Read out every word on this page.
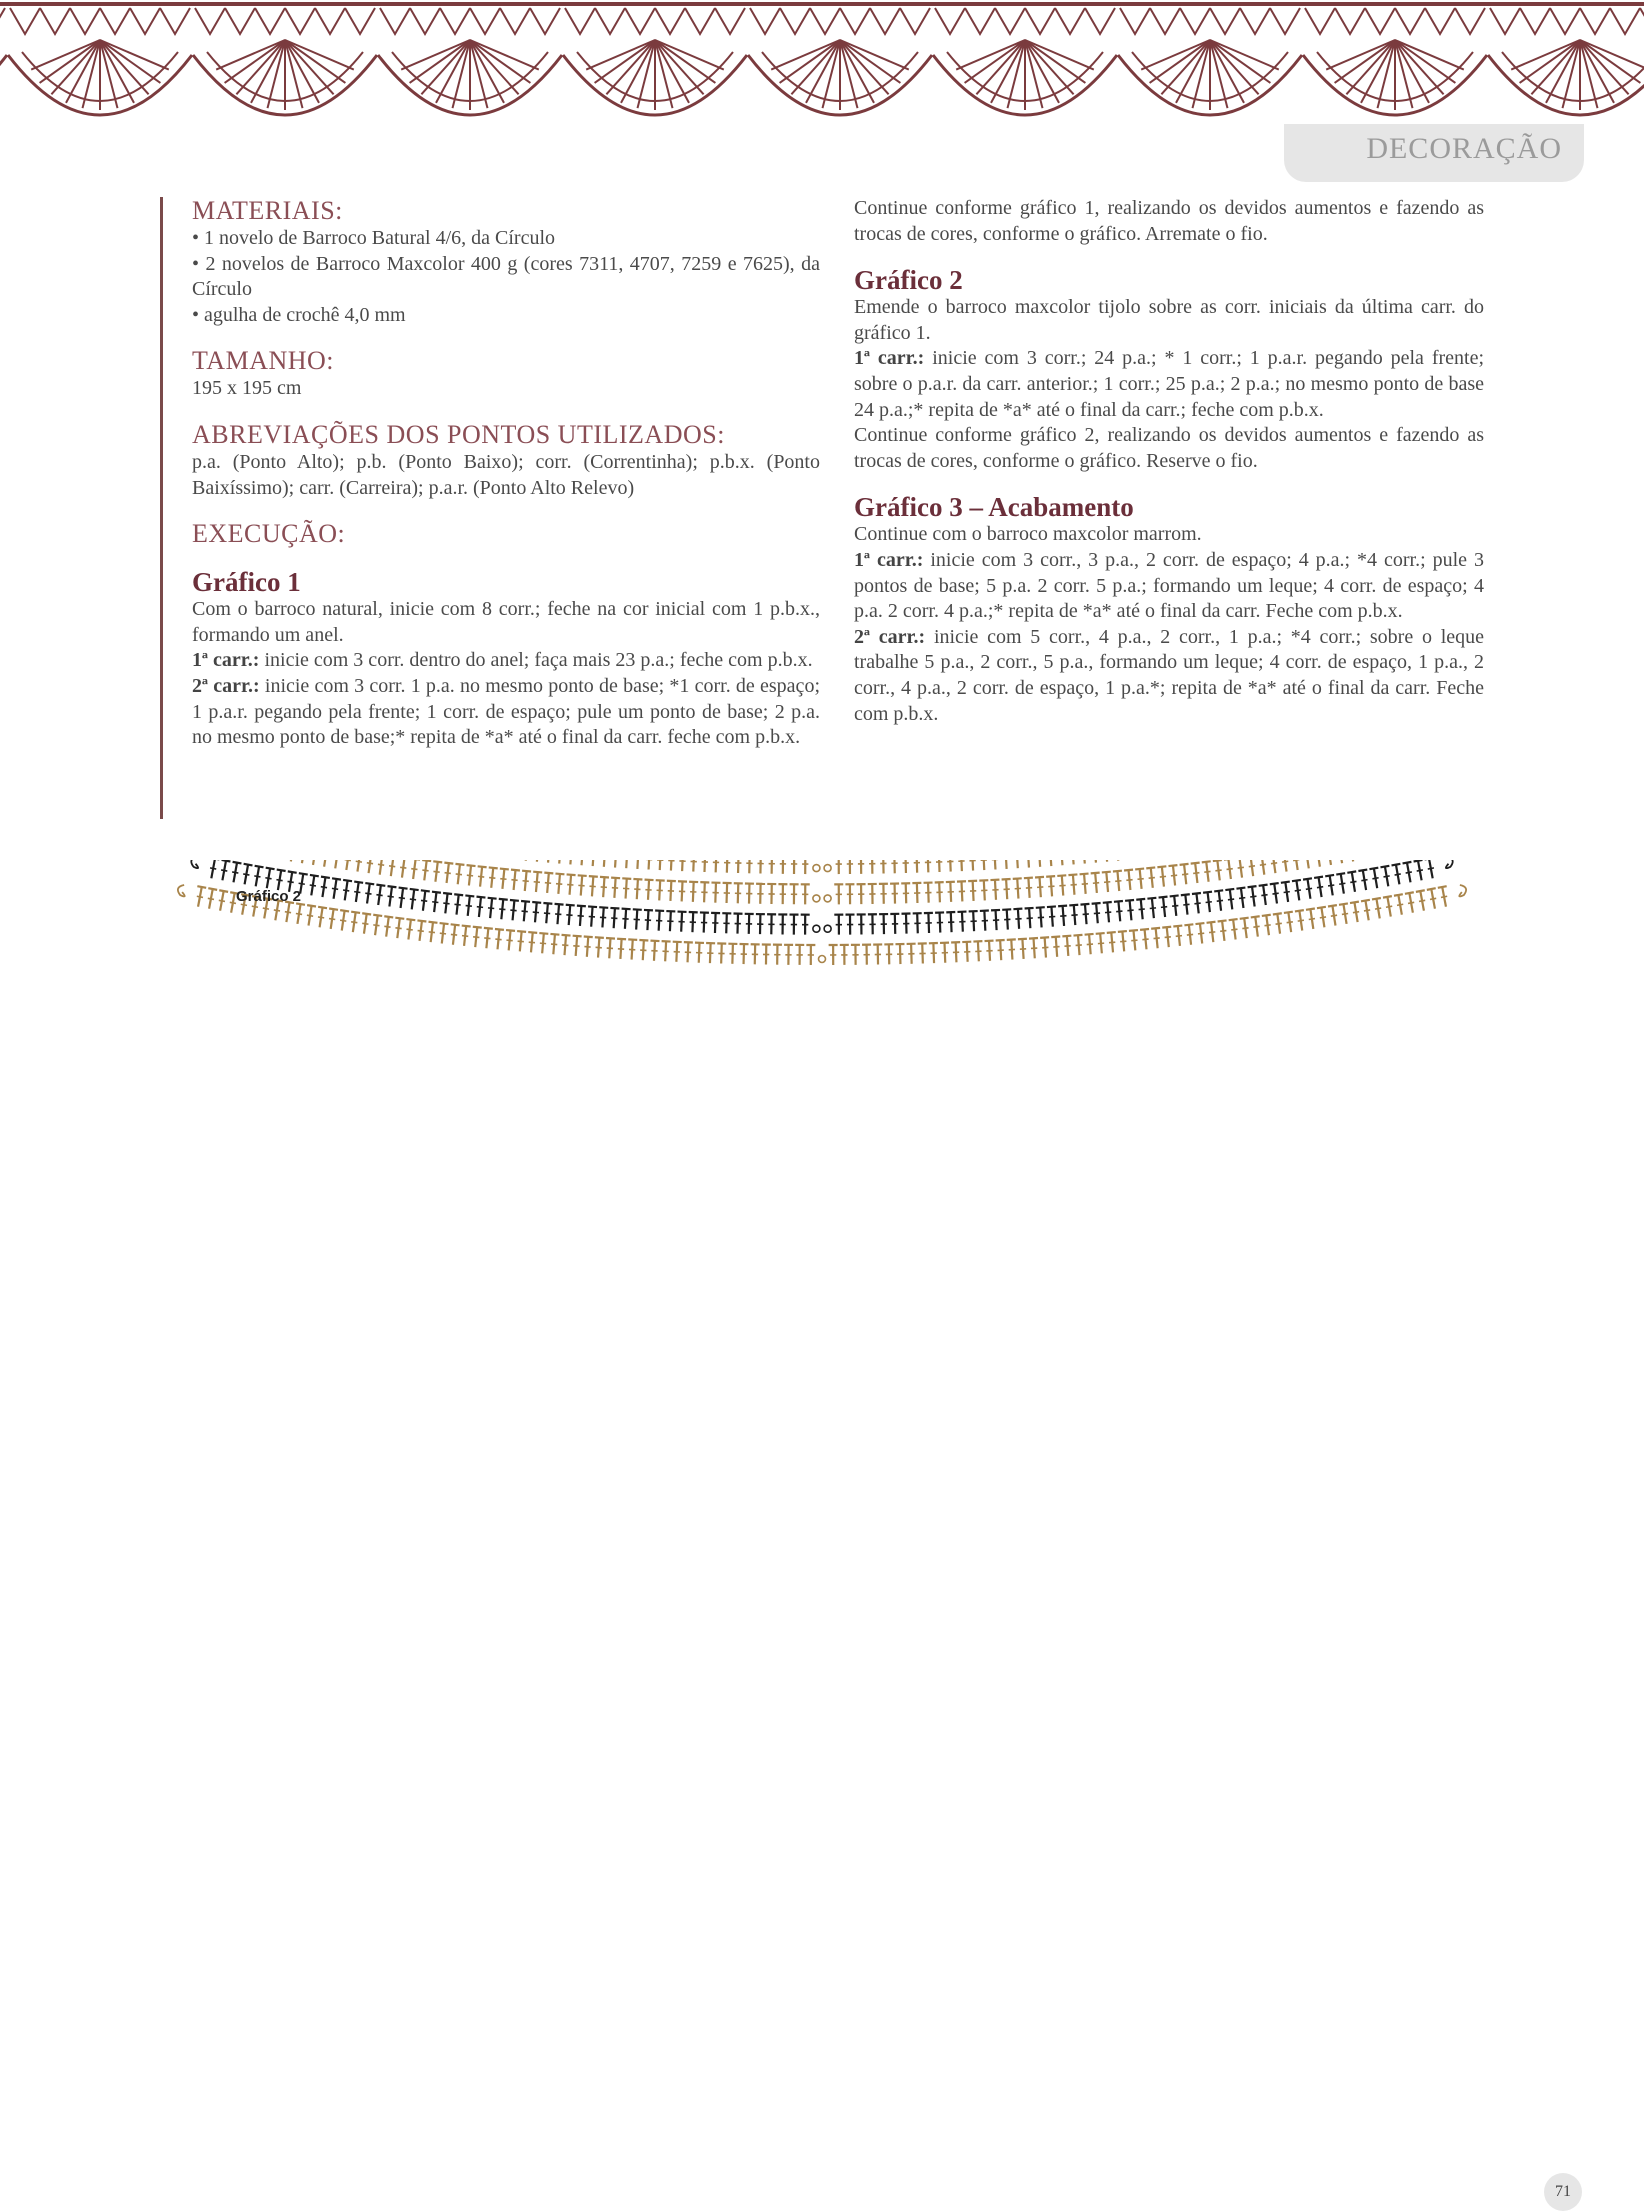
DECORAÇÃO
MATERIAIS:

• 1 novelo de Barroco Batural 4/6, da Círculo

• 2 novelos de Barroco Maxcolor 400 g (cores 7311, 4707, 7259 e 7625), da Círculo

• agulha de crochê 4,0 mm

TAMANHO:

195 x 195 cm

ABREVIAÇÕES DOS PONTOS UTILIZADOS:

p.a. (Ponto Alto); p.b. (Ponto Baixo); corr. (Correntinha); p.b.x. (Ponto Baixíssimo); carr. (Carreira); p.a.r. (Ponto Alto Relevo)

EXECUÇÃO:
Gráfico 1

Com o barroco natural, inicie com 8 corr.; feche na cor inicial com 1 p.b.x., formando um anel.

1ª carr.: inicie com 3 corr. dentro do anel; faça mais 23 p.a.; feche com p.b.x.

2ª carr.: inicie com 3 corr. 1 p.a. no mesmo ponto de base; *1 corr. de espaço; 1 p.a.r. pegando pela frente; 1 corr. de espaço; pule um ponto de base; 2 p.a. no mesmo ponto de base;* repita de *a* até o final da carr. feche com p.b.x.

Continue conforme gráfico 1, realizando os devidos aumentos e fazendo as trocas de cores, conforme o gráfico. Arremate o fio.

Gráfico 2

Emende o barroco maxcolor tijolo sobre as corr. iniciais da última carr. do gráfico 1.

1ª carr.: inicie com 3 corr.; 24 p.a.; * 1 corr.; 1 p.a.r. pegando pela frente; sobre o p.a.r. da carr. anterior.; 1 corr.; 25 p.a.; 2 p.a.; no mesmo ponto de base 24 p.a.;* repita de *a* até o final da carr.; feche com p.b.x.

Continue conforme gráfico 2, realizando os devidos aumentos e fazendo as trocas de cores, conforme o gráfico. Reserve o fio.

Gráfico 3 – Acabamento

Continue com o barroco maxcolor marrom.

1ª carr.: inicie com 3 corr., 3 p.a., 2 corr. de espaço; 4 p.a.; *4 corr.; pule 3 pontos de base; 5 p.a. 2 corr. 5 p.a.; formando um leque; 4 corr. de espaço; 4 p.a. 2 corr. 4 p.a.;* repita de *a* até o final da carr. Feche com p.b.x.

2ª carr.: inicie com 5 corr., 4 p.a., 2 corr., 1 p.a.; *4 corr.; sobre o leque trabalhe 5 p.a., 2 corr., 5 p.a., formando um leque; 4 corr. de espaço, 1 p.a., 2 corr., 4 p.a., 2 corr. de espaço, 1 p.a.*; repita de *a* até o final da carr. Feche com p.b.x.

Gráfico 2
71
